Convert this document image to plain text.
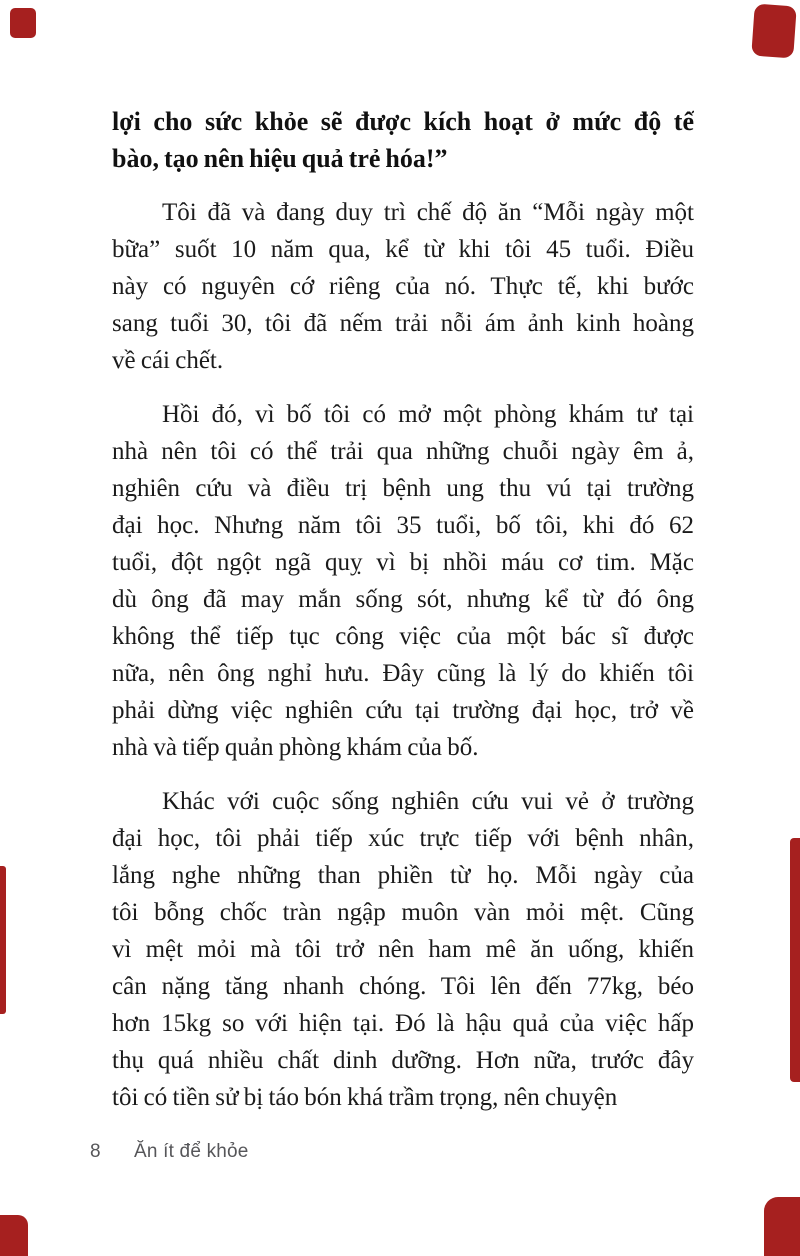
lợi cho sức khỏe sẽ được kích hoạt ở mức độ tế
bào, tạo nên hiệu quả trẻ hóa!”
Tôi đã và đang duy trì chế độ ăn “Mỗi ngày một
bữa” suốt 10 năm qua, kể từ khi tôi 45 tuổi. Điều
này có nguyên cớ riêng của nó. Thực tế, khi bước
sang tuổi 30, tôi đã nếm trải nỗi ám ảnh kinh hoàng
về cái chết.
Hồi đó, vì bố tôi có mở một phòng khám tư tại
nhà nên tôi có thể trải qua những chuỗi ngày êm ả,
nghiên cứu và điều trị bệnh ung thu vú tại trường
đại học. Nhưng năm tôi 35 tuổi, bố tôi, khi đó 62
tuổi, đột ngột ngã quỵ vì bị nhồi máu cơ tim. Mặc
dù ông đã may mắn sống sót, nhưng kể từ đó ông
không thể tiếp tục công việc của một bác sĩ được
nữa, nên ông nghỉ hưu. Đây cũng là lý do khiến tôi
phải dừng việc nghiên cứu tại trường đại học, trở về
nhà và tiếp quản phòng khám của bố.
Khác với cuộc sống nghiên cứu vui vẻ ở trường
đại học, tôi phải tiếp xúc trực tiếp với bệnh nhân,
lắng nghe những than phiền từ họ. Mỗi ngày của
tôi bỗng chốc tràn ngập muôn vàn mỏi mệt. Cũng
vì mệt mỏi mà tôi trở nên ham mê ăn uống, khiến
cân nặng tăng nhanh chóng. Tôi lên đến 77kg, béo
hơn 15kg so với hiện tại. Đó là hậu quả của việc hấp
thụ quá nhiều chất dinh dưỡng. Hơn nữa, trước đây
tôi có tiền sử bị táo bón khá trầm trọng, nên chuyện
8 Ăn ít để khỏe
